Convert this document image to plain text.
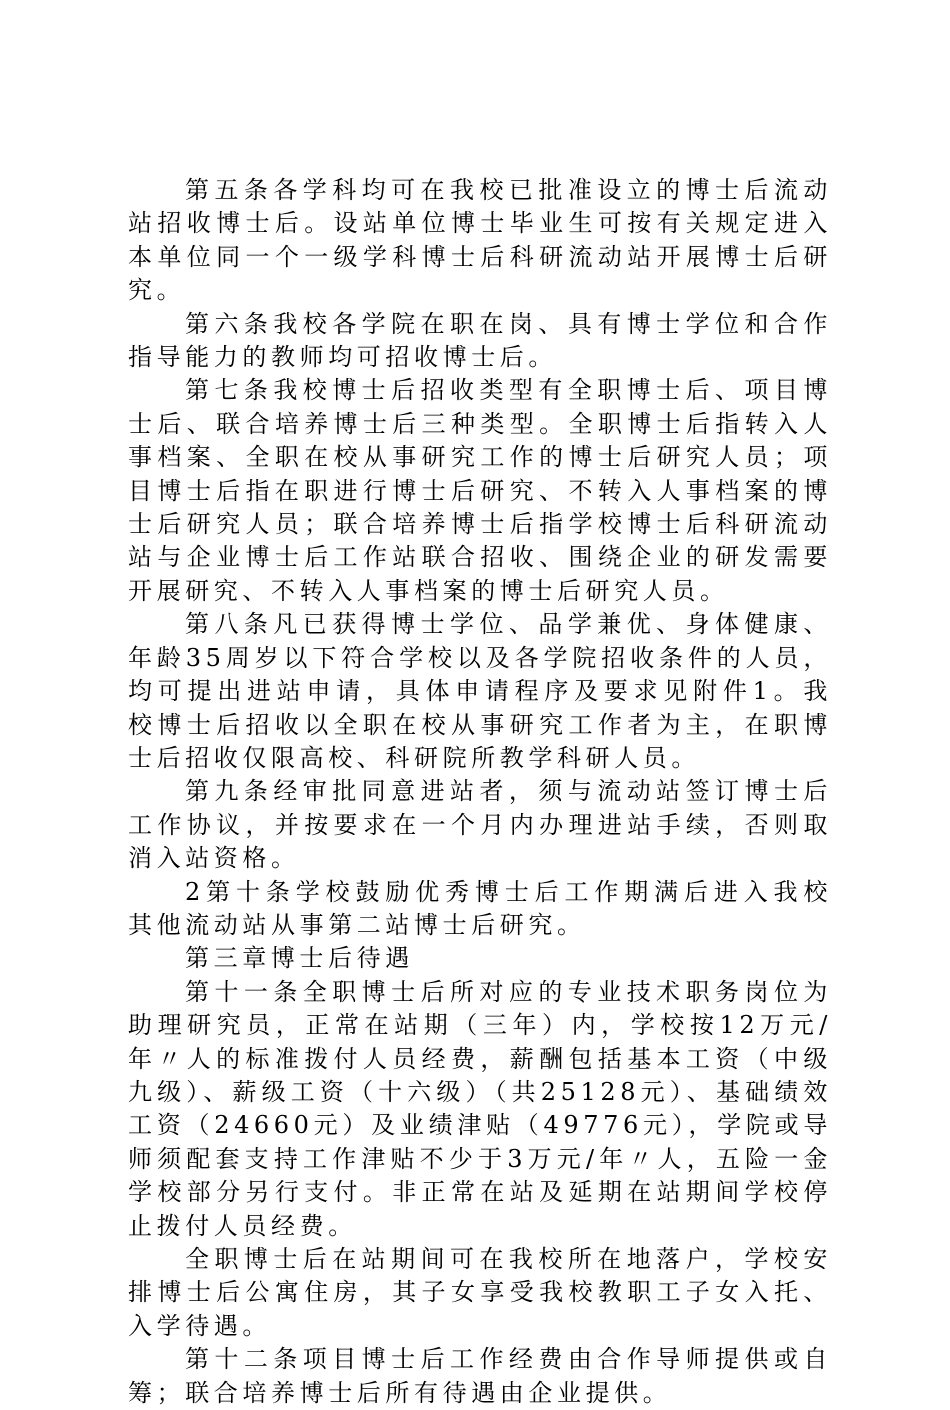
第五条各学科均可在我校已批准设立的博士后流动站招收博士后。设站单位博士毕业生可按有关规定进入本单位同一个一级学科博士后科研流动站开展博士后研究。

第六条我校各学院在职在岗、具有博士学位和合作指导能力的教师均可招收博士后。

第七条我校博士后招收类型有全职博士后、项目博士后、联合培养博士后三种类型。全职博士后指转入人事档案、全职在校从事研究工作的博士后研究人员；项目博士后指在职进行博士后研究、不转入人事档案的博士后研究人员；联合培养博士后指学校博士后科研流动站与企业博士后工作站联合招收、围绕企业的研发需要开展研究、不转入人事档案的博士后研究人员。

第八条凡已获得博士学位、品学兼优、身体健康、年龄35周岁以下符合学校以及各学院招收条件的人员，均可提出进站申请，具体申请程序及要求见附件1。我校博士后招收以全职在校从事研究工作者为主，在职博士后招收仅限高校、科研院所教学科研人员。

第九条经审批同意进站者，须与流动站签订博士后工作协议，并按要求在一个月内办理进站手续，否则取消入站资格。

2第十条学校鼓励优秀博士后工作期满后进入我校其他流动站从事第二站博士后研究。

第三章博士后待遇

第十一条全职博士后所对应的专业技术职务岗位为助理研究员，正常在站期（三年）内，学校按12万元/年〃人的标准拨付人员经费，薪酬包括基本工资（中级九级）、薪级工资（十六级）（共25128元）、基础绩效工资（24660元）及业绩津贴（49776元），学院或导师须配套支持工作津贴不少于3万元/年〃人，五险一金学校部分另行支付。非正常在站及延期在站期间学校停止拨付人员经费。

全职博士后在站期间可在我校所在地落户，学校安排博士后公寓住房，其子女享受我校教职工子女入托、入学待遇。

第十二条项目博士后工作经费由合作导师提供或自筹；联合培养博士后所有待遇由企业提供。
